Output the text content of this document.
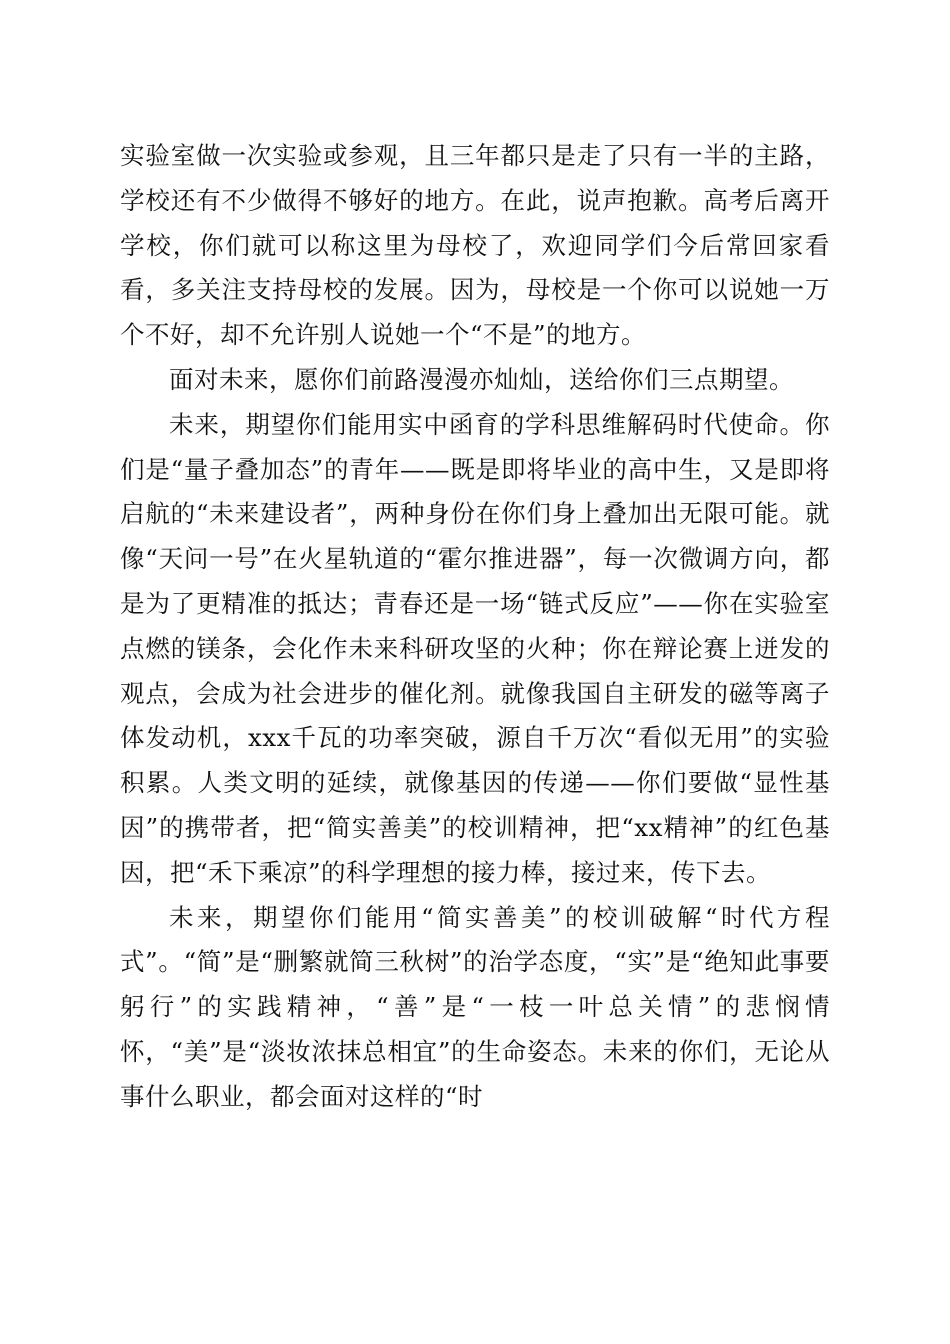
实验室做一次实验或参观，且三年都只是走了只有一半的主路，学校还有不少做得不够好的地方。在此，说声抱歉。高考后离开学校，你们就可以称这里为母校了，欢迎同学们今后常回家看看，多关注支持母校的发展。因为，母校是一个你可以说她一万个不好，却不允许别人说她一个“不是”的地方。

面对未来，愿你们前路漫漫亦灿灿，送给你们三点期望。

未来，期望你们能用实中函育的学科思维解码时代使命。你们是“量子叠加态”的青年——既是即将毕业的高中生，又是即将启航的“未来建设者”，两种身份在你们身上叠加出无限可能。就像“天问一号”在火星轨道的“霍尔推进器”，每一次微调方向，都是为了更精准的抵达；青春还是一场“链式反应”——你在实验室点燃的镁条，会化作未来科研攻坚的火种；你在辩论赛上迸发的观点，会成为社会进步的催化剂。就像我国自主研发的磁等离子体发动机，xxx千瓦的功率突破，源自千万次“看似无用”的实验积累。人类文明的延续，就像基因的传递——你们要做“显性基因”的携带者，把“简实善美”的校训精神，把“xx精神”的红色基因，把“禾下乘凉”的科学理想的接力棒，接过来，传下去。

未来，期望你们能用“简实善美”的校训破解“时代方程式”。“简”是“删繁就简三秋树”的治学态度，“实”是“绝知此事要躬行”的实践精神，“善”是“一枝一叶总关情”的悲悯情怀，“美”是“淡妆浓抹总相宜”的生命姿态。未来的你们，无论从事什么职业，都会面对这样的“时
